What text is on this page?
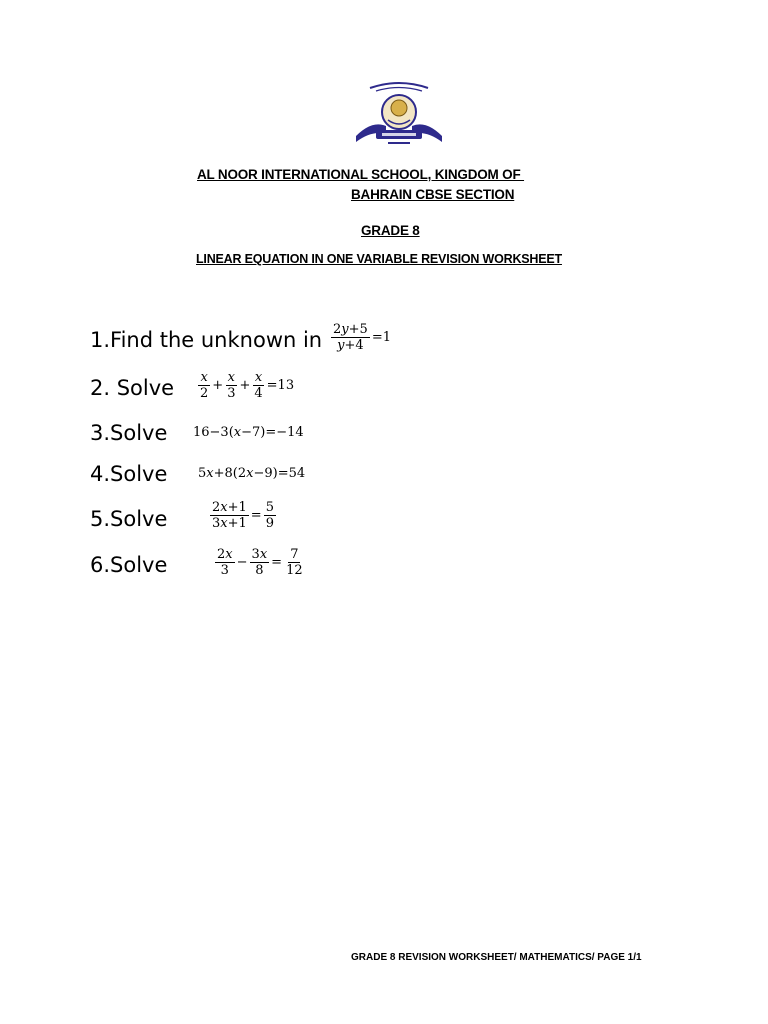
AL NOOR INTERNATIONAL SCHOOL, KINGDOM OF
BAHRAIN CBSE SECTION
GRADE 8
LINEAR EQUATION IN ONE VARIABLE REVISION WORKSHEET
1.Find the unknown in $\frac{2y+5}{y+4} =1$
2. Solve $\frac{x}{2} + \frac{x}{3} + \frac{x}{4} =13$
3.Solve 16−3(x−7)=−14
4.Solve 5x+8(2x−9)=54
5.Solve	$\frac{2x+1}{3x+1} = \frac{5}{9}$
6.Solve	$\frac{2x}{3} - \frac{3x}{8} = \frac{7}{12}$
GRADE 8 REVISION WORKSHEET/ MATHEMATICS/ PAGE 1/1
